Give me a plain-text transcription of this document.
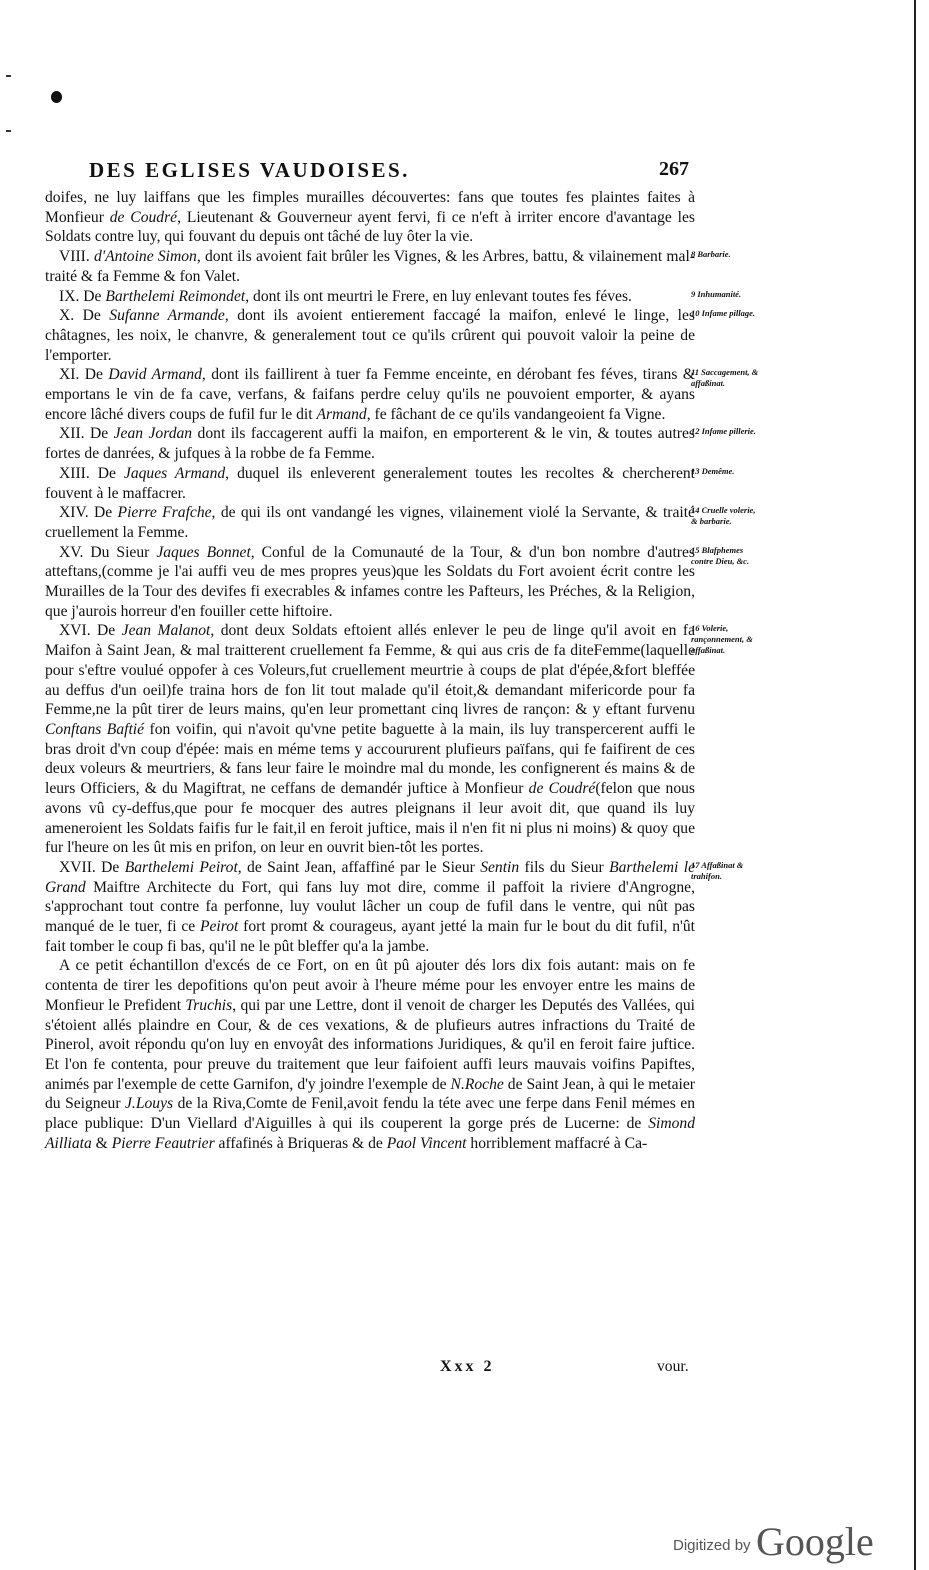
DES EGLISES VAUDOISES.	267

doifes, ne luy laiffans que les fimples murailles découvertes: fans que toutes fes plaintes faites à Monfieur de Coudré, Lieutenant & Gouverneur ayent fervi, fi ce n'eft à irriter encore d'avantage les Soldats contre luy, qui fouvant du depuis ont tâché de luy ôter la vie.

8 Barbarie.
VIII. d'Antoine Simon, dont ils avoient fait brûler les Vignes, & les Arbres, battu, & vilainement mal-traité & fa Femme & fon Valet.

9 Inhumanité.
IX. De Barthelemi Reimondet, dont ils ont meurtri le Frere, en luy enlevant toutes fes féves.

10 Infame pillage.
X. De Sufanne Armande, dont ils avoient entierement faccagé la maifon, enlevé le linge, les châtagnes, les noix, le chanvre, & generalement tout ce qu'ils crûrent qui pouvoit valoir la peine de l'emporter.

11 Saccagement, & affaßinat.
XI. De David Armand, dont ils faillirent à tuer fa Femme enceinte, en dérobant fes féves, tirans & emportans le vin de fa cave, verfans, & faifans perdre celuy qu'ils ne pouvoient emporter, & ayans encore lâché divers coups de fufil fur le dit Armand, fe fâchant de ce qu'ils vandangeoient fa Vigne.

12 Infame pillerie.
XII. De Jean Jordan dont ils faccagerent auffi la maifon, en emporterent & le vin, & toutes autres fortes de danrées, & jufques à la robbe de fa Femme.

13 Demême.
XIII. De Jaques Armand, duquel ils enleverent generalement toutes les recoltes & chercherent fouvent à le maffacrer.

14 Cruelle volerie, & barbarie.
XIV. De Pierre Frafche, de qui ils ont vandangé les vignes, vilainement violé la Servante, & traité cruellement la Femme.

15 Blafphemes contre Dieu, &c.
XV. Du Sieur Jaques Bonnet, Conful de la Comunauté de la Tour, & d'un bon nombre d'autres atteftans,(comme je l'ai auffi veu de mes propres yeus)que les Soldats du Fort avoient écrit contre les Murailles de la Tour des devifes fi execrables & infames contre les Pafteurs, les Préches, & la Religion, que j'aurois horreur d'en fouiller cette hiftoire.

16 Volerie, rançonnement, & affaßinat.
XVI. De Jean Malanot, dont deux Soldats eftoient allés enlever le peu de linge qu'il avoit en fa Maifon à Saint Jean, & mal traitterent cruellement fa Femme, & qui aus cris de fa diteFemme(laquelle pour s'eftre voulué oppofer à ces Voleurs,fut cruellement meurtrie à coups de plat d'épée,&fort bleffée au deffus d'un oeil)fe traina hors de fon lit tout malade qu'il étoit,& demandant mifericorde pour fa Femme,ne la pût tirer de leurs mains, qu'en leur promettant cinq livres de rançon: & y eftant furvenu Conftans Baftié fon voifin, qui n'avoit qu'vne petite baguette à la main, ils luy transpercerent auffi le bras droit d'vn coup d'épée: mais en méme tems y accoururent plufieurs païfans, qui fe faifirent de ces deux voleurs & meurtriers, & fans leur faire le moindre mal du monde, les confignerent és mains & de leurs Officiers, & du Magiftrat, ne ceffans de demandér juftice à Monfieur de Coudré(felon que nous avons vû cy-deffus,que pour fe mocquer des autres pleignans il leur avoit dit, que quand ils luy ameneroient les Soldats faifis fur le fait,il en feroit juftice, mais il n'en fit ni plus ni moins) & quoy que fur l'heure on les ût mis en prifon, on leur en ouvrit bien-tôt les portes.

17 Affaßinat & trahifon.
XVII. De Barthelemi Peirot, de Saint Jean, affaffiné par le Sieur Sentin fils du Sieur Barthelemi le Grand Maiftre Architecte du Fort, qui fans luy mot dire, comme il paffoit la riviere d'Angrogne, s'approchant tout contre fa perfonne, luy voulut lâcher un coup de fufil dans le ventre, qui nût pas manqué de le tuer, fi ce Peirot fort promt & courageus, ayant jetté la main fur le bout du dit fufil, n'ût fait tomber le coup fi bas, qu'il ne le pût bleffer qu'a la jambe.

A ce petit échantillon d'excés de ce Fort, on en ût pû ajouter dés lors dix fois autant: mais on fe contenta de tirer les depofitions qu'on peut avoir à l'heure méme pour les envoyer entre les mains de Monfieur le Prefident Truchis, qui par une Lettre, dont il venoit de charger les Deputés des Vallées, qui s'étoient allés plaindre en Cour, & de ces vexations, & de plufieurs autres infractions du Traité de Pinerol, avoit répondu qu'on luy en envoyât des informations Juridiques, & qu'il en feroit faire juftice. Et l'on fe contenta, pour preuve du traitement que leur faifoient auffi leurs mauvais voifins Papiftes, animés par l'exemple de cette Garnifon, d'y joindre l'exemple de N.Roche de Saint Jean, à qui le metaier du Seigneur J.Louys de la Riva,Comte de Fenil,avoit fendu la téte avec une ferpe dans Fenil mémes en place publique: D'un Viellard d'Aiguilles à qui ils couperent la gorge prés de Lucerne: de Simond Ailliata & Pierre Feautrier affafinés à Briqueras & de Paol Vincent horriblement maffacré à Ca-

Xxx 2	vour.
Digitized by Google
